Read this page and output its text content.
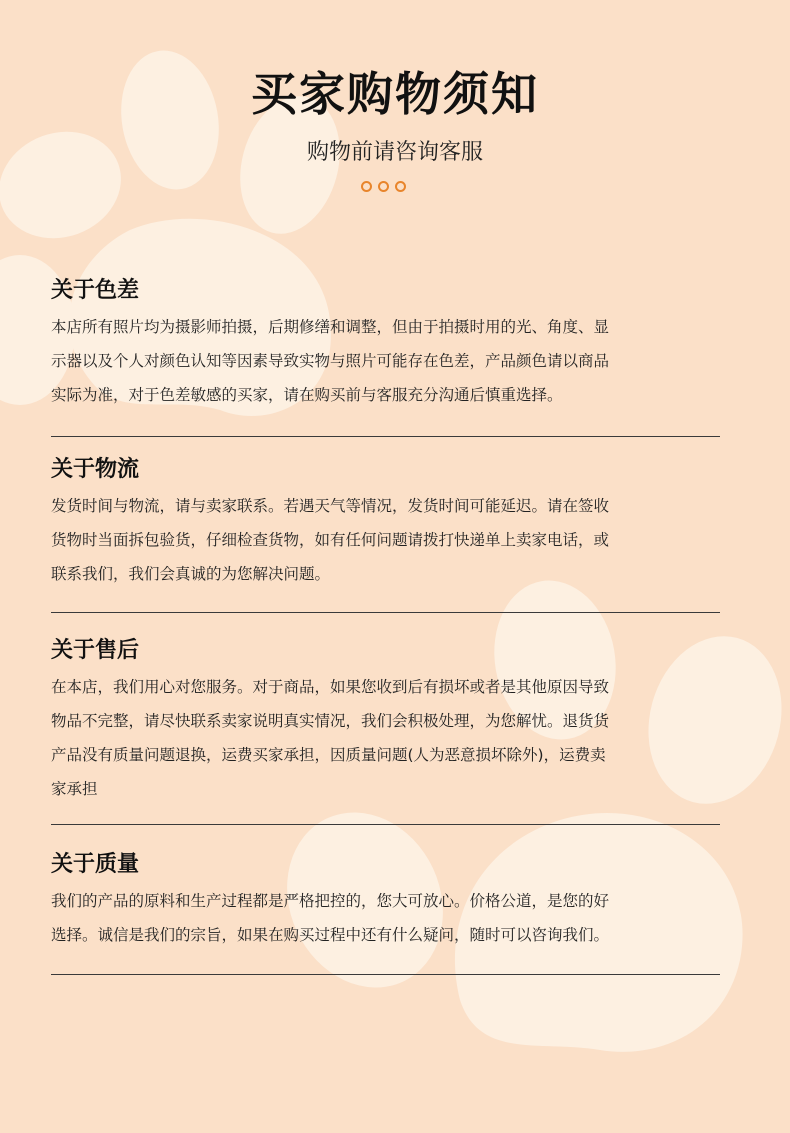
买家购物须知
购物前请咨询客服
关于色差
本店所有照片均为摄影师拍摄，后期修缮和调整，但由于拍摄时用的光、角度、显
示器以及个人对颜色认知等因素导致实物与照片可能存在色差，产品颜色请以商品
实际为准，对于色差敏感的买家，请在购买前与客服充分沟通后慎重选择。
关于物流
发货时间与物流，请与卖家联系。若遇天气等情况，发货时间可能延迟。请在签收
货物时当面拆包验货，仔细检查货物，如有任何问题请拨打快递单上卖家电话，或
联系我们，我们会真诚的为您解决问题。
关于售后
在本店，我们用心对您服务。对于商品，如果您收到后有损坏或者是其他原因导致
物品不完整，请尽快联系卖家说明真实情况，我们会积极处理，为您解忧。退货货
产品没有质量问题退换，运费买家承担，因质量问题(人为恶意损坏除外)，运费卖
家承担
关于质量
我们的产品的原料和生产过程都是严格把控的，您大可放心。价格公道，是您的好
选择。诚信是我们的宗旨，如果在购买过程中还有什么疑问，随时可以咨询我们。
